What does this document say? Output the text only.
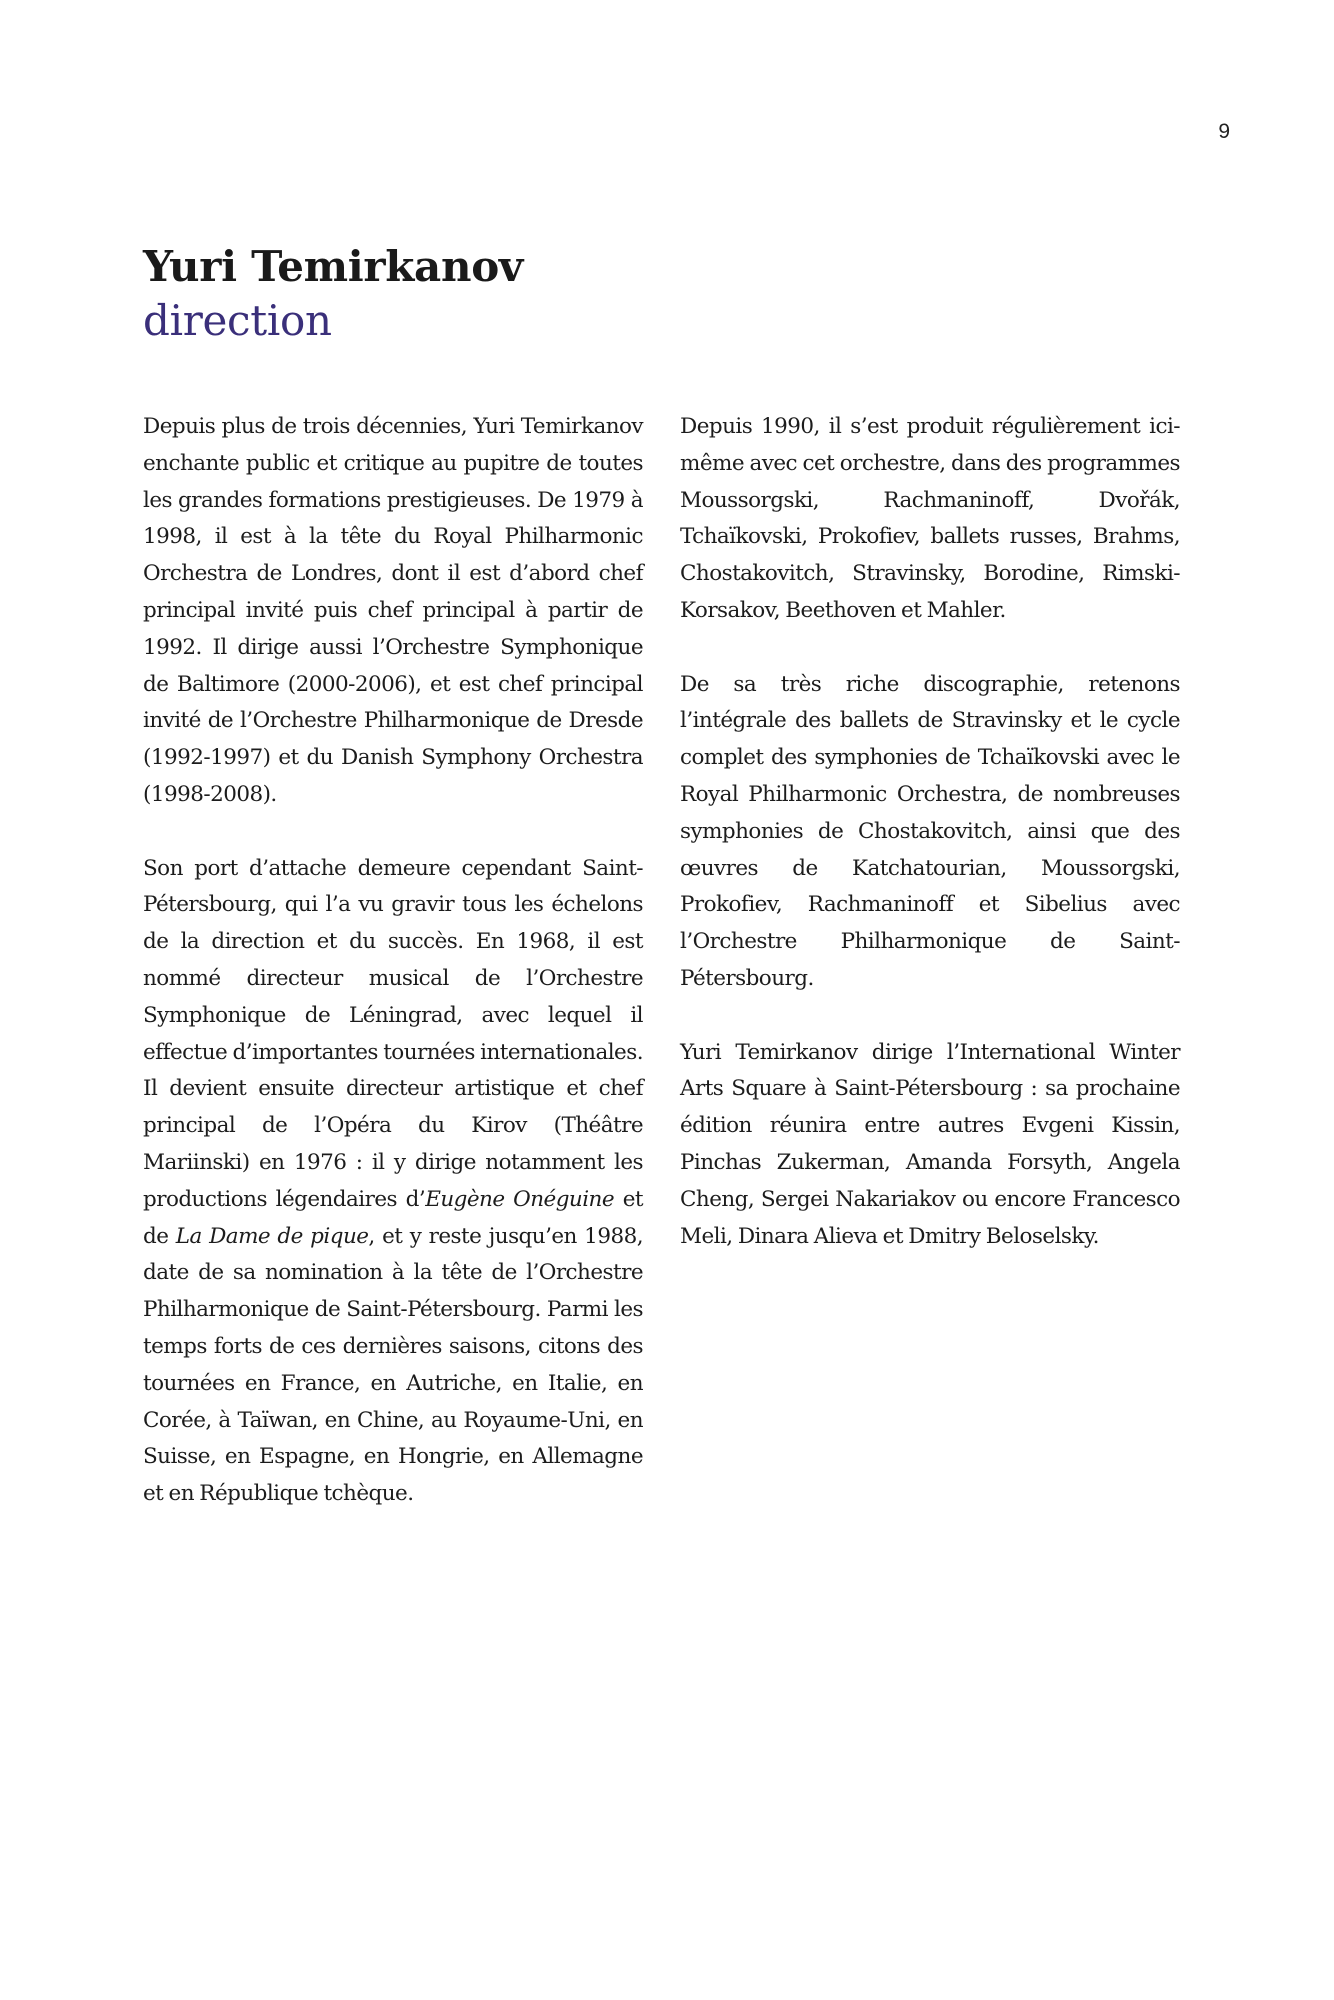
9
Yuri Temirkanov
direction

Depuis plus de trois décennies, Yuri Temirkanov enchante public et critique au pupitre de toutes les grandes formations prestigieuses. De 1979 à 1998, il est à la tête du Royal Philharmonic Orchestra de Londres, dont il est d’abord chef principal invité puis chef principal à partir de 1992. Il dirige aussi l’Orchestre Symphonique de Baltimore (2000-2006), et est chef principal invité de l’Orchestre Philharmonique de Dresde (1992-1997) et du Danish Symphony Orchestra (1998-2008).

Son port d’attache demeure cependant Saint-Pétersbourg, qui l’a vu gravir tous les échelons de la direction et du succès. En 1968, il est nommé directeur musical de l’Orchestre Symphonique de Léningrad, avec lequel il effectue d’importantes tournées internationales. Il devient ensuite directeur artistique et chef principal de l’Opéra du Kirov (Théâtre Mariinski) en 1976 : il y dirige notamment les productions légendaires d’Eugène Onéguine et de La Dame de pique, et y reste jusqu’en 1988, date de sa nomination à la tête de l’Orchestre Philharmonique de Saint-Pétersbourg. Parmi les temps forts de ces dernières saisons, citons des tournées en France, en Autriche, en Italie, en Corée, à Taïwan, en Chine, au Royaume-Uni, en Suisse, en Espagne, en Hongrie, en Allemagne et en République tchèque.

Depuis 1990, il s’est produit régulièrement ici-même avec cet orchestre, dans des programmes Moussorgski, Rachmaninoff, Dvořák, Tchaïkovski, Prokofiev, ballets russes, Brahms, Chostakovitch, Stravinsky, Borodine, Rimski-Korsakov, Beethoven et Mahler.

De sa très riche discographie, retenons l’intégrale des ballets de Stravinsky et le cycle complet des symphonies de Tchaïkovski avec le Royal Philharmonic Orchestra, de nombreuses symphonies de Chostakovitch, ainsi que des œuvres de Katchatourian, Moussorgski, Prokofiev, Rachmaninoff et Sibelius avec l’Orchestre Philharmonique de Saint-Pétersbourg.

Yuri Temirkanov dirige l’International Winter Arts Square à Saint-Pétersbourg : sa prochaine édition réunira entre autres Evgeni Kissin, Pinchas Zukerman, Amanda Forsyth, Angela Cheng, Sergei Nakariakov ou encore Francesco Meli, Dinara Alieva et Dmitry Beloselsky.
